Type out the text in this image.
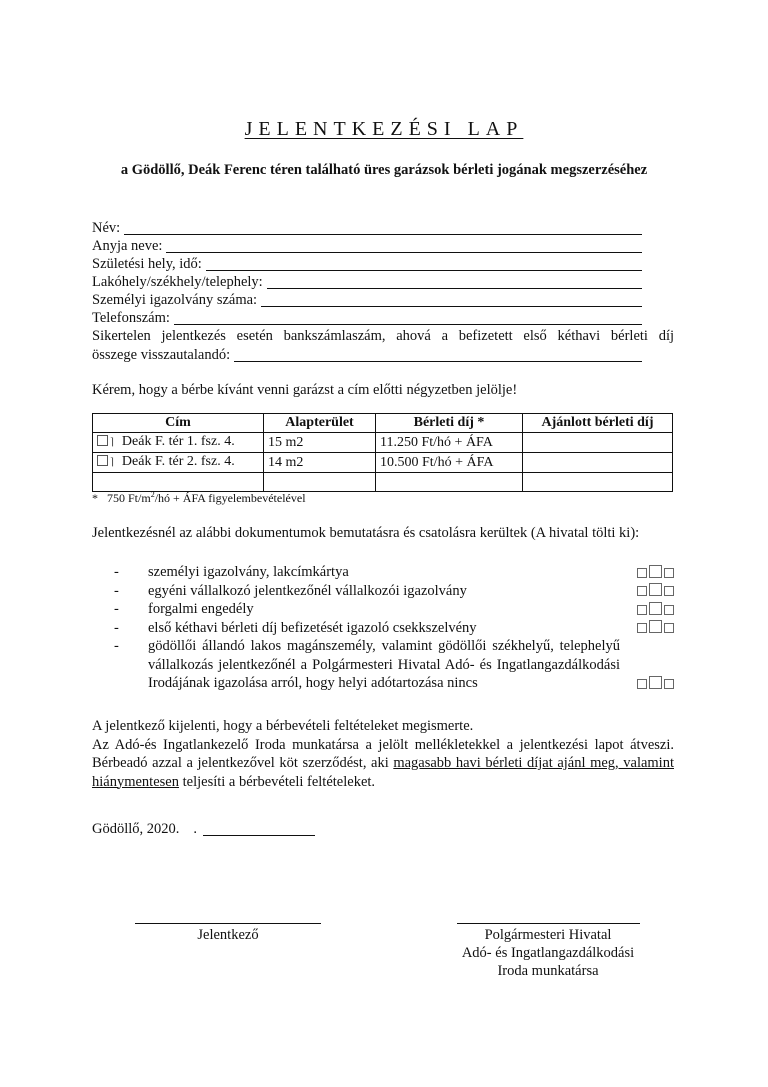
JELENTKEZÉSI LAP
a Gödöllő, Deák Ferenc téren található üres garázsok bérleti jogának megszerzéséhez
Név:
Anyja neve:
Születési hely, idő:
Lakóhely/székhely/telephely:
Személyi igazolvány száma:
Telefonszám:
Sikertelen jelentkezés esetén bankszámlaszám, ahová a befizetett első kéthavi bérleti díj
összege visszautalandó:
Kérem, hogy a bérbe kívánt venni garázst a cím előtti négyzetben jelölje!
Cím	Alapterület	Bérleti díj *	Ajánlott bérleti díj
⌉ Deák F. tér 1. fsz. 4.	15 m2	11.250 Ft/hó + ÁFA	
⌉ Deák F. tér 2. fsz. 4.	14 m2	10.500 Ft/hó + ÁFA	

* 750 $Ft/m^2/hó$ + ÁFA figyelembevételével
Jelentkezésnél az alábbi dokumentumok bemutatásra és csatolásra kerültek (A hivatal tölti ki):
-	személyi igazolvány, lakcímkártya
-	egyéni vállalkozó jelentkezőnél vállalkozói igazolvány
-	forgalmi engedély
-	első kéthavi bérleti díj befizetését igazoló csekkszelvény
-	gödöllői állandó lakos magánszemély, valamint gödöllői székhelyű, telephelyű vállalkozás jelentkezőnél a Polgármesteri Hivatal Adó- és Ingatlangazdálkodási Irodájának igazolása arról, hogy helyi adótartozása nincs
A jelentkező kijelenti, hogy a bérbevételi feltételeket megismerte.
Az Adó-és Ingatlankezelő Iroda munkatársa a jelölt mellékletekkel a jelentkezési lapot átveszi. Bérbeadó azzal a jelentkezővel köt szerződést, aki magasabb havi bérleti díjat ajánl meg, valamint hiánymentesen teljesíti a bérbevételi feltételeket.
Gödöllő, 2020. .
Jelentkező	Polgármesteri Hivatal
Adó- és Ingatlangazdálkodási
Iroda munkatársa
